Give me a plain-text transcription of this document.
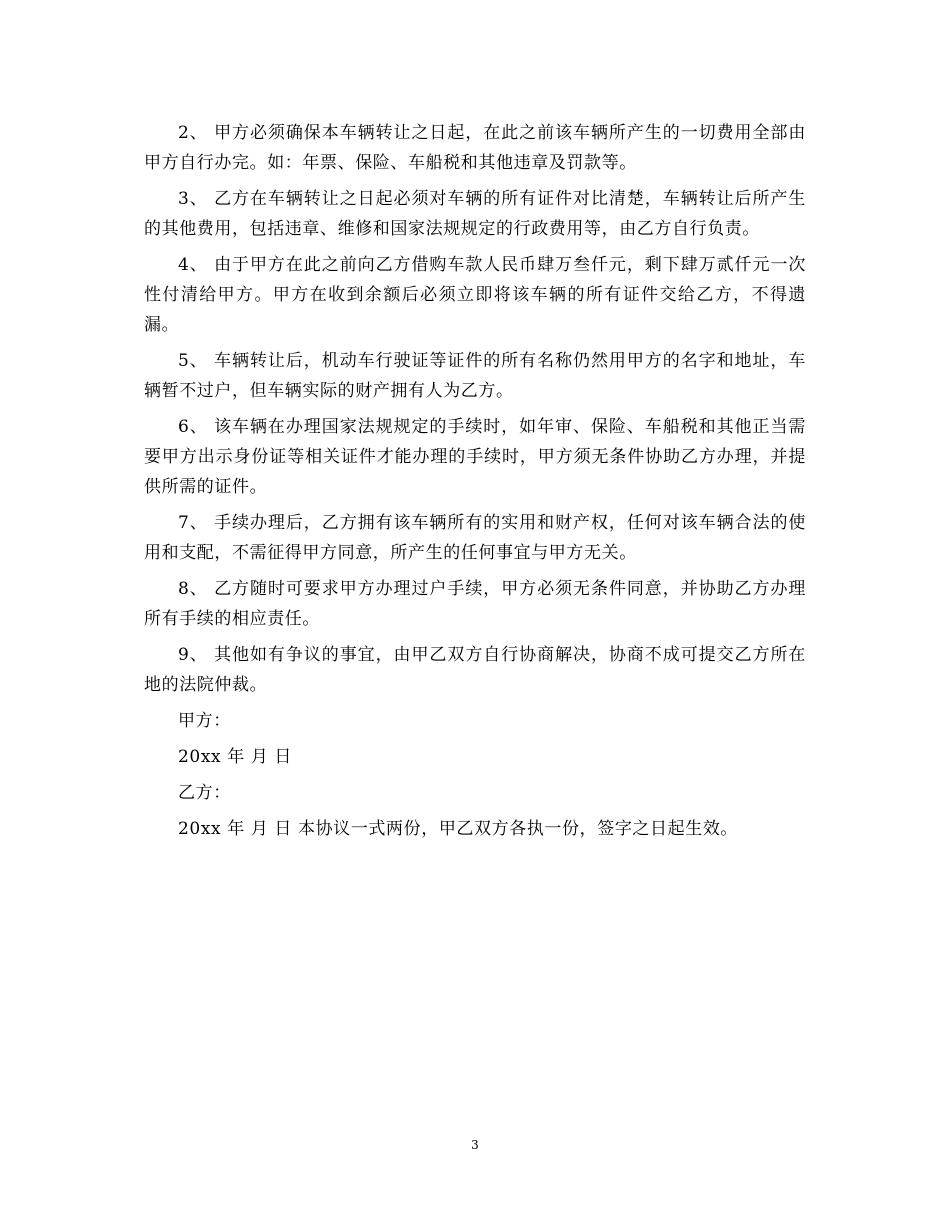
2、 甲方必须确保本车辆转让之日起，在此之前该车辆所产生的一切费用全部由甲方自行办完。如：年票、保险、车船税和其他违章及罚款等。

3、 乙方在车辆转让之日起必须对车辆的所有证件对比清楚，车辆转让后所产生的其他费用，包括违章、维修和国家法规规定的行政费用等，由乙方自行负责。

4、 由于甲方在此之前向乙方借购车款人民币肆万叁仟元，剩下肆万贰仟元一次性付清给甲方。甲方在收到余额后必须立即将该车辆的所有证件交给乙方，不得遗漏。

5、 车辆转让后，机动车行驶证等证件的所有名称仍然用甲方的名字和地址，车辆暂不过户，但车辆实际的财产拥有人为乙方。

6、 该车辆在办理国家法规规定的手续时，如年审、保险、车船税和其他正当需要甲方出示身份证等相关证件才能办理的手续时，甲方须无条件协助乙方办理，并提供所需的证件。

7、 手续办理后，乙方拥有该车辆所有的实用和财产权，任何对该车辆合法的使用和支配，不需征得甲方同意，所产生的任何事宜与甲方无关。

8、 乙方随时可要求甲方办理过户手续，甲方必须无条件同意，并协助乙方办理所有手续的相应责任。

9、 其他如有争议的事宜，由甲乙双方自行协商解决，协商不成可提交乙方所在地的法院仲裁。

甲方：

20xx 年 月 日

乙方：

20xx 年 月 日 本协议一式两份，甲乙双方各执一份，签字之日起生效。

3
